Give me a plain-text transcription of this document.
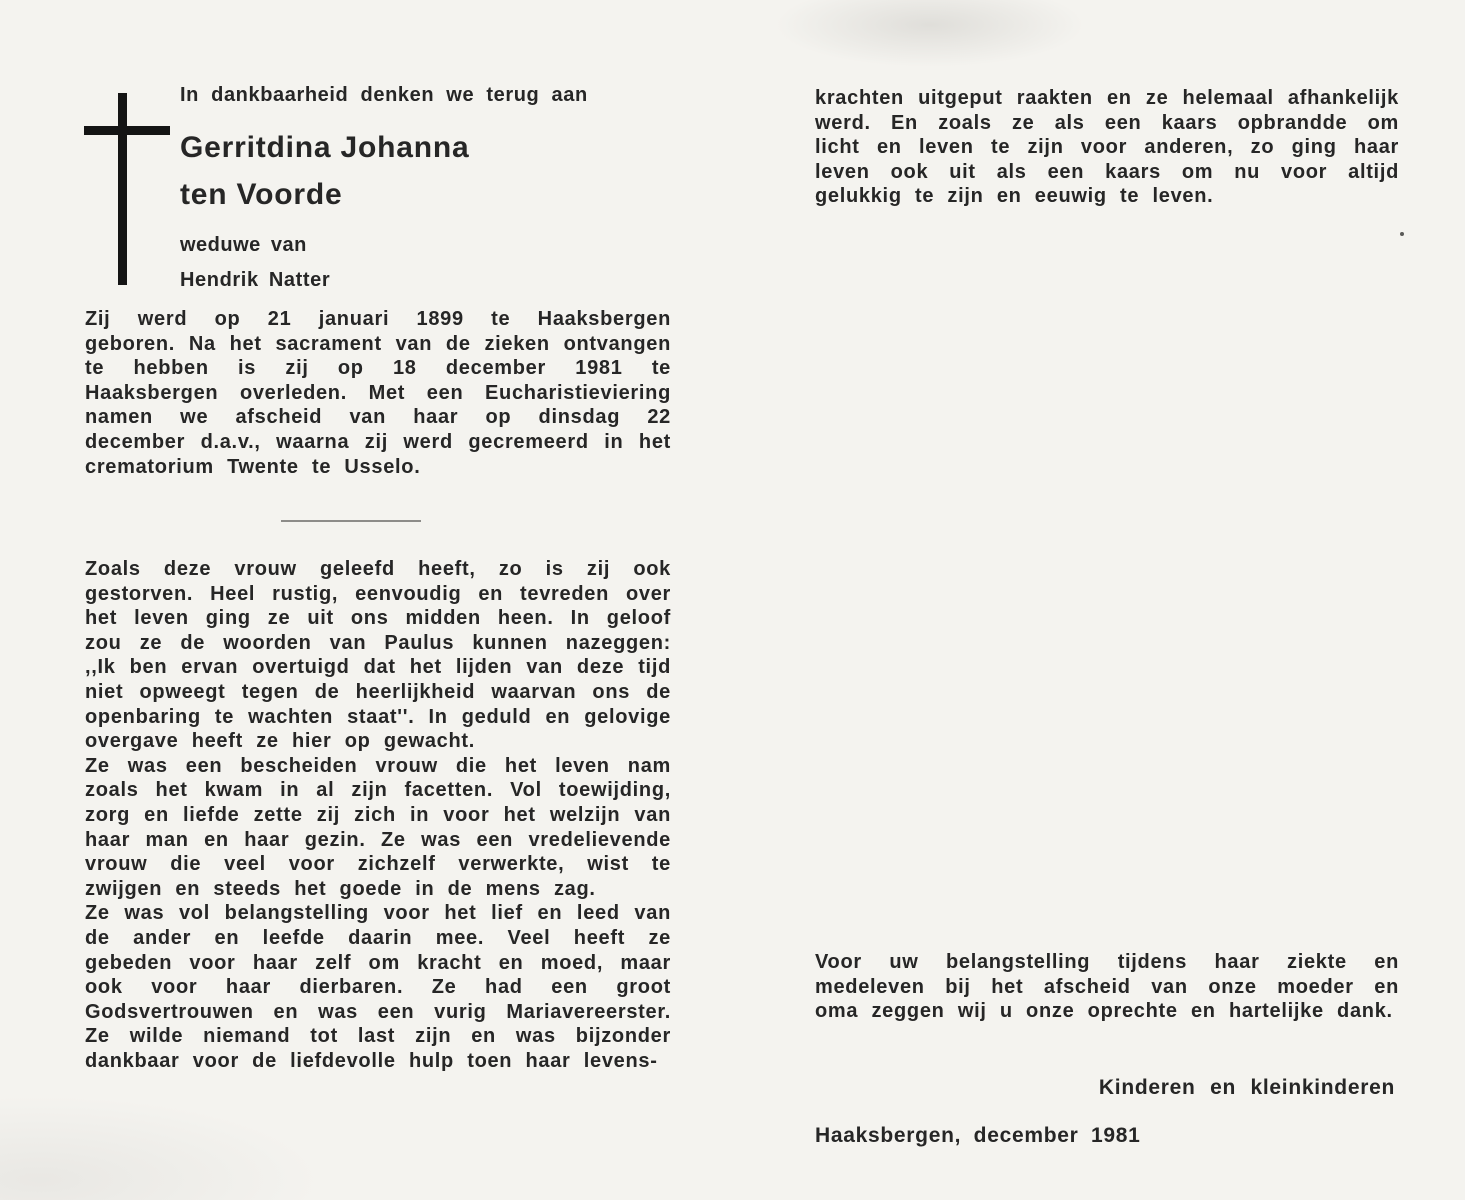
In dankbaarheid denken we terug aan

Gerritdina Johanna

ten Voorde

weduwe van

Hendrik Natter

Zij werd op 21 januari 1899 te Haaksbergen geboren. Na het sacrament van de zieken ontvangen te hebben is zij op 18 december 1981 te Haaksbergen overleden. Met een Eucharistieviering namen we afscheid van haar op dinsdag 22 december d.a.v., waarna zij werd gecremeerd in het crematorium Twente te Usselo.

Zoals deze vrouw geleefd heeft, zo is zij ook gestorven. Heel rustig, eenvoudig en tevreden over het leven ging ze uit ons midden heen. In geloof zou ze de woorden van Paulus kunnen nazeggen: ,,Ik ben ervan overtuigd dat het lijden van deze tijd niet opweegt tegen de heerlijkheid waarvan ons de openbaring te wachten staat''. In geduld en gelovige overgave heeft ze hier op gewacht.

Ze was een bescheiden vrouw die het leven nam zoals het kwam in al zijn facetten. Vol toewijding, zorg en liefde zette zij zich in voor het welzijn van haar man en haar gezin. Ze was een vredelievende vrouw die veel voor zichzelf verwerkte, wist te zwijgen en steeds het goede in de mens zag.

Ze was vol belangstelling voor het lief en leed van de ander en leefde daarin mee. Veel heeft ze gebeden voor haar zelf om kracht en moed, maar ook voor haar dierbaren. Ze had een groot Godsvertrouwen en was een vurig Mariavereerster. Ze wilde niemand tot last zijn en was bijzonder dankbaar voor de liefdevolle hulp toen haar levens-

krachten uitgeput raakten en ze helemaal afhankelijk werd. En zoals ze als een kaars opbrandde om licht en leven te zijn voor anderen, zo ging haar leven ook uit als een kaars om nu voor altijd gelukkig te zijn en eeuwig te leven.

Voor uw belangstelling tijdens haar ziekte en medeleven bij het afscheid van onze moeder en oma zeggen wij u onze oprechte en hartelijke dank.

Kinderen en kleinkinderen

Haaksbergen, december 1981
